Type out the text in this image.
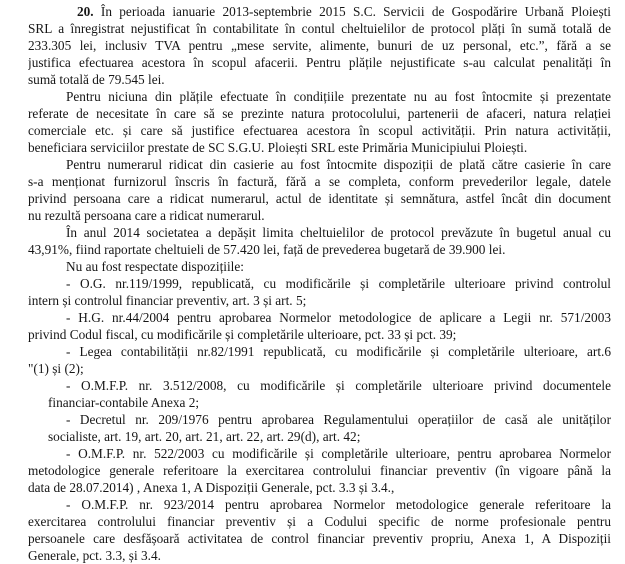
20. În perioada ianuarie 2013-septembrie 2015 S.C. Servicii de Gospodărire Urbană Ploiești
SRL a înregistrat nejustificat în contabilitate în contul cheltuielilor de protocol plăți în sumă totală de
233.305 lei, inclusiv TVA pentru „mese servite, alimente, bunuri de uz personal, etc.”, fără a se
justifica efectuarea acestora în scopul afacerii. Pentru plățile nejustificate s-au calculat penalități în
sumă totală de 79.545 lei.
Pentru niciuna din plățile efectuate în condițiile prezentate nu au fost întocmite și prezentate
referate de necesitate în care să se prezinte natura protocolului, partenerii de afaceri, natura relației
comerciale etc. și care să justifice efectuarea acestora în scopul activității. Prin natura activității,
beneficiara serviciilor prestate de SC S.G.U. Ploiești SRL este Primăria Municipiului Ploiești.
Pentru numerarul ridicat din casierie au fost întocmite dispoziții de plată către casierie în care
s-a menționat furnizorul înscris în factură, fără a se completa, conform prevederilor legale, datele
privind persoana care a ridicat numerarul, actul de identitate și semnătura, astfel încât din document
nu rezultă persoana care a ridicat numerarul.
În anul 2014 societatea a depășit limita cheltuielilor de protocol prevăzute în bugetul anual cu
43,91%, fiind raportate cheltuieli de 57.420 lei, față de prevederea bugetară de 39.900 lei.
Nu au fost respectate dispozițiile:
- O.G. nr.119/1999, republicată, cu modificările și completările ulterioare privind controlul
intern și controlul financiar preventiv, art. 3 și art. 5;
- H.G. nr.44/2004 pentru aprobarea Normelor metodologice de aplicare a Legii nr. 571/2003
privind Codul fiscal, cu modificările și completările ulterioare, pct. 33 și pct. 39;
- Legea contabilității nr.82/1991 republicată, cu modificările și completările ulterioare, art.6
"(1) și (2);
- O.M.F.P. nr. 3.512/2008, cu modificările și completările ulterioare privind documentele
financiar-contabile Anexa 2;
- Decretul nr. 209/1976 pentru aprobarea Regulamentului operațiilor de casă ale unităților
socialiste, art. 19, art. 20, art. 21, art. 22, art. 29(d), art. 42;
- O.M.F.P. nr. 522/2003 cu modificările și completările ulterioare, pentru aprobarea Normelor
metodologice generale referitoare la exercitarea controlului financiar preventiv (în vigoare până la
data de 28.07.2014) , Anexa 1, A Dispoziții Generale, pct. 3.3 și 3.4.,
- O.M.F.P. nr. 923/2014 pentru aprobarea Normelor metodologice generale referitoare la
exercitarea controlului financiar preventiv și a Codului specific de norme profesionale pentru
persoanele care desfășoară activitatea de control financiar preventiv propriu, Anexa 1, A Dispoziții
Generale, pct. 3.3, și 3.4.
